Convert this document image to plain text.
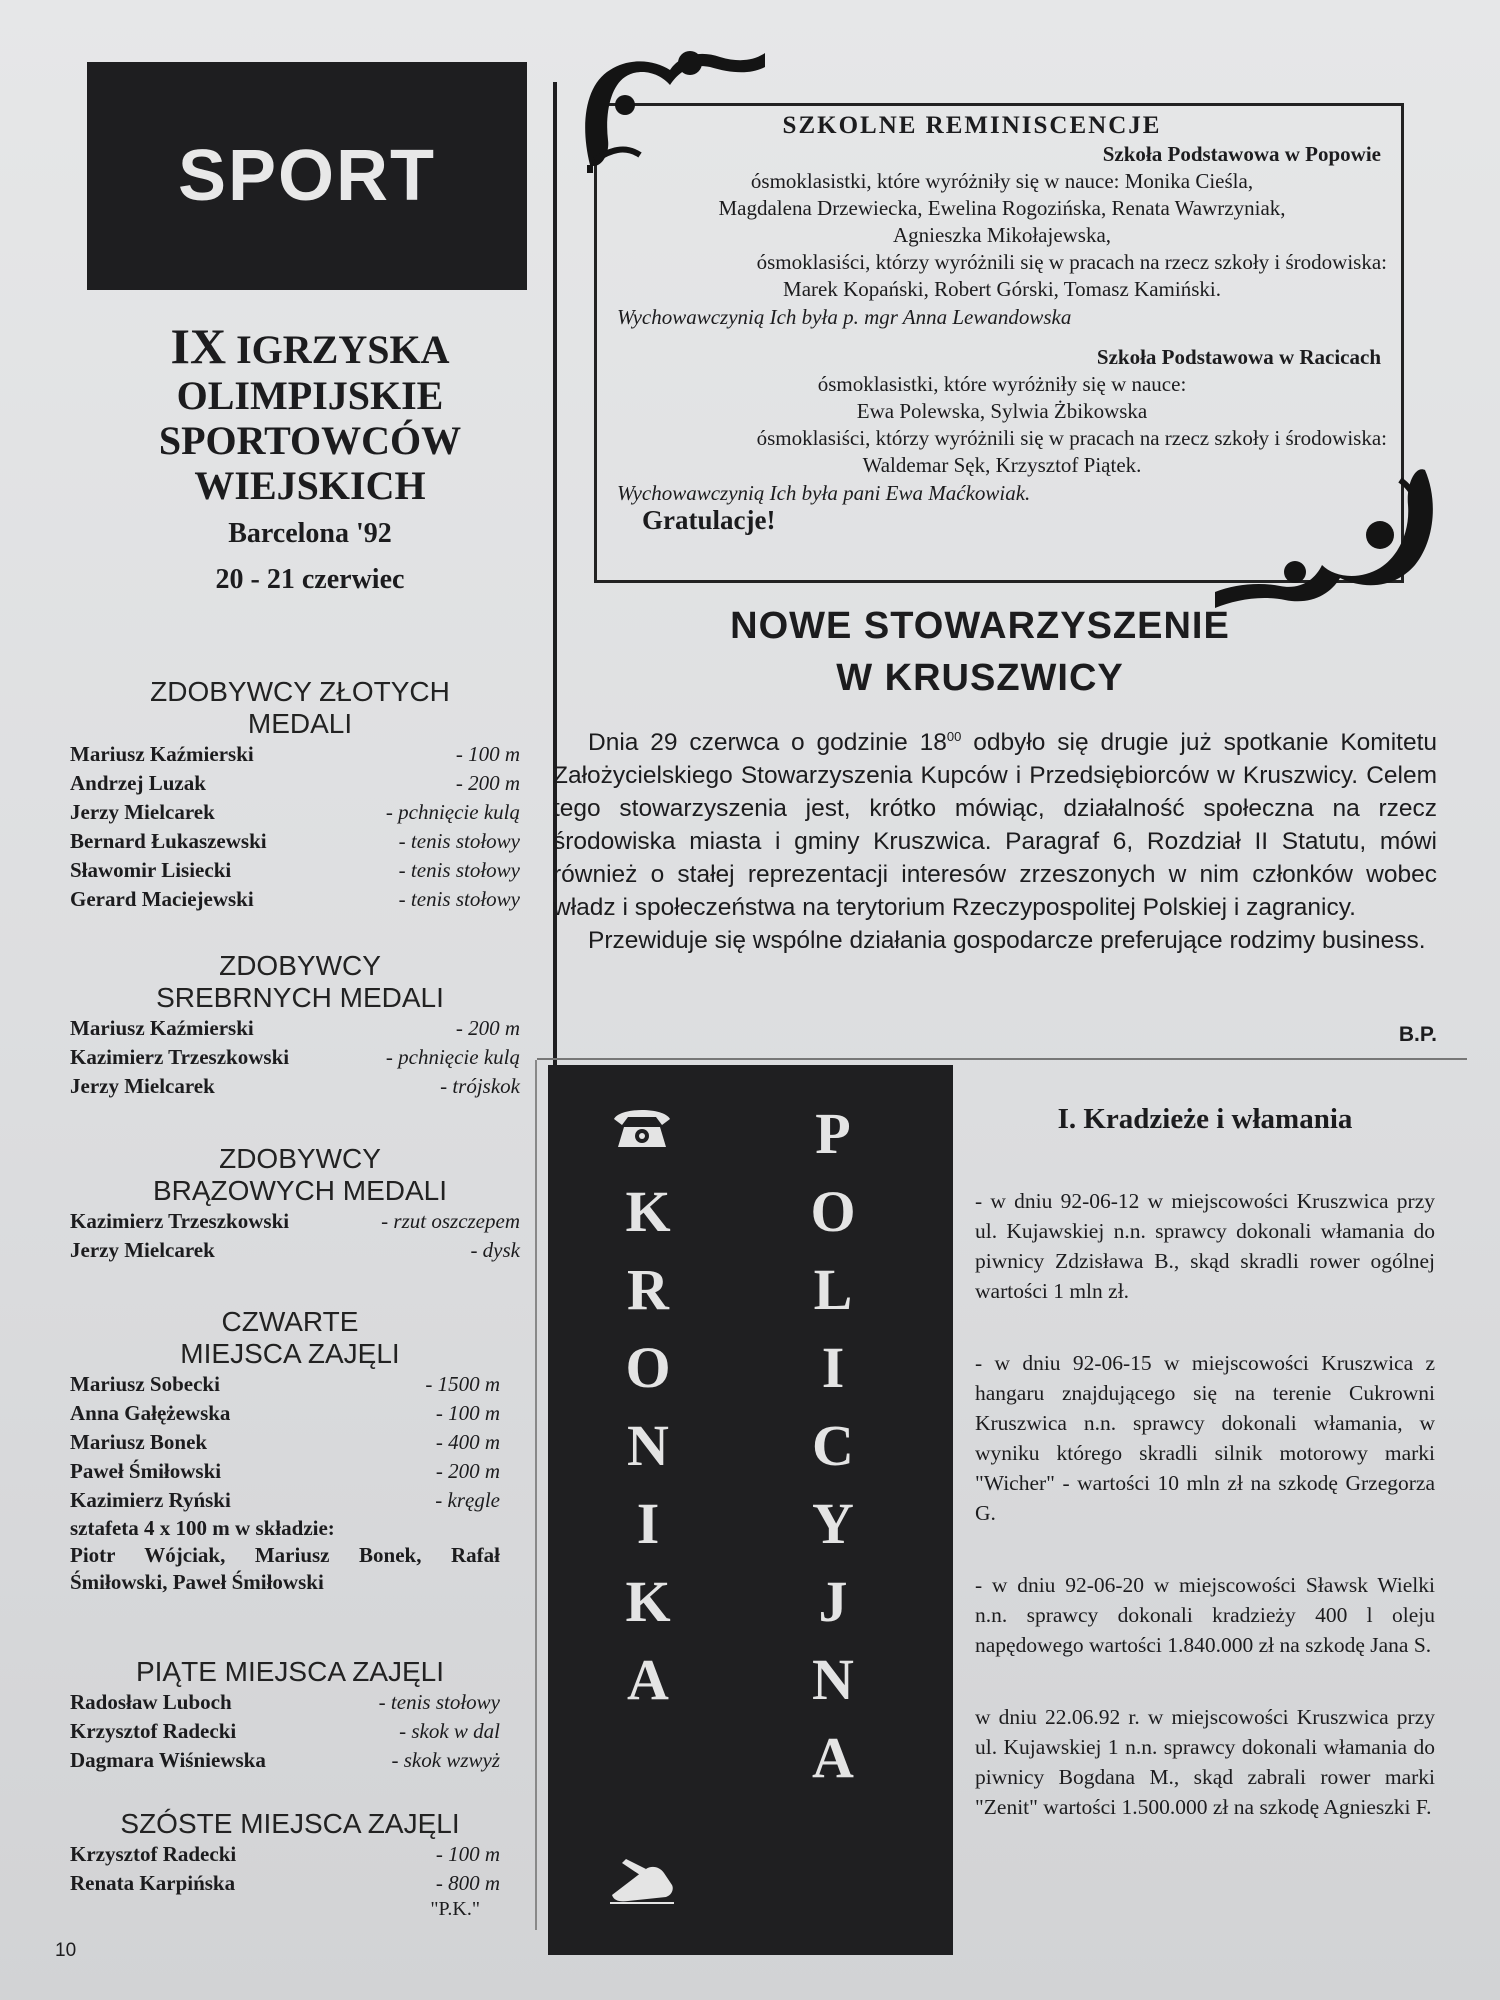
SPORT
IX IGRZYSKA
OLIMPIJSKIE
SPORTOWCÓW
WIEJSKICH
Barcelona '92
20 - 21 czerwiec
ZDOBYWCY ZŁOTYCH
MEDALI
Mariusz Kaźmierski	- 100 m
Andrzej Luzak	- 200 m
Jerzy Mielcarek	- pchnięcie kulą
Bernard Łukaszewski	- tenis stołowy
Sławomir Lisiecki	- tenis stołowy
Gerard Maciejewski	- tenis stołowy
ZDOBYWCY
SREBRNYCH MEDALI
Mariusz Kaźmierski	- 200 m
Kazimierz Trzeszkowski	- pchnięcie kulą
Jerzy Mielcarek	- trójskok
ZDOBYWCY
BRĄZOWYCH MEDALI
Kazimierz Trzeszkowski	- rzut oszczepem
Jerzy Mielcarek	- dysk
CZWARTE
MIEJSCA ZAJĘLI
Mariusz Sobecki	- 1500 m
Anna Gałężewska	- 100 m
Mariusz Bonek	- 400 m
Paweł Śmiłowski	- 200 m
Kazimierz Ryński	- kręgle
sztafeta 4 x 100 m w składzie:
Piotr Wójciak, Mariusz Bonek, Rafał Śmiłowski, Paweł Śmiłowski
PIĄTE MIEJSCA ZAJĘLI
Radosław Luboch	- tenis stołowy
Krzysztof Radecki	- skok w dal
Dagmara Wiśniewska	- skok wzwyż
SZÓSTE MIEJSCA ZAJĘLI
Krzysztof Radecki	- 100 m
Renata Karpińska	- 800 m
"P.K."
10
SZKOLNE REMINISCENCJE
Szkoła Podstawowa w Popowie
ósmoklasistki, które wyróżniły się w nauce: Monika Cieśla,
Magdalena Drzewiecka, Ewelina Rogozińska, Renata Wawrzyniak,
Agnieszka Mikołajewska,
ósmoklasiści, którzy wyróżnili się w pracach na rzecz szkoły i środowiska:
Marek Kopański, Robert Górski, Tomasz Kamiński.
Wychowawczynią Ich była p. mgr Anna Lewandowska
Szkoła Podstawowa w Racicach
ósmoklasistki, które wyróżniły się w nauce:
Ewa Polewska, Sylwia Żbikowska
ósmoklasiści, którzy wyróżnili się w pracach na rzecz szkoły i środowiska:
Waldemar Sęk, Krzysztof Piątek.
Wychowawczynią Ich była pani Ewa Maćkowiak.
Gratulacje!
NOWE STOWARZYSZENIE
W KRUSZWICY

Dnia 29 czerwca o godzinie $18^{00}$ odbyło się drugie już spotkanie Komitetu Założycielskiego Stowarzyszenia Kupców i Przedsiębiorców w Kruszwicy. Celem tego stowarzyszenia jest, krótko mówiąc, działalność społeczna na rzecz środowiska miasta i gminy Kruszwica. Paragraf 6, Rozdział II Statutu, mówi również o stałej reprezentacji interesów zrzeszonych w nim członków wobec władz i społeczeństwa na terytorium Rzeczypospolitej Polskiej i zagranicy.

Przewiduje się wspólne działania gospodarcze preferujące rodzimy business.

B.P.
K
R
O
N
I
K
A
P
O
L
I
C
Y
J
N
A
I. Kradzieże i włamania

- w dniu 92-06-12 w miejscowości Kruszwica przy ul. Kujawskiej n.n. sprawcy dokonali włamania do piwnicy Zdzisława B., skąd skradli rower ogólnej wartości 1 mln zł.

- w dniu 92-06-15 w miejscowości Kruszwica z hangaru znajdującego się na terenie Cukrowni Kruszwica n.n. sprawcy dokonali włamania, w wyniku którego skradli silnik motorowy marki "Wicher" - wartości 10 mln zł na szkodę Grzegorza G.

- w dniu 92-06-20 w miejscowości Sławsk Wielki n.n. sprawcy dokonali kradzieży 400 l oleju napędowego wartości 1.840.000 zł na szkodę Jana S.

w dniu 22.06.92 r. w miejscowości Kruszwica przy ul. Kujawskiej 1 n.n. sprawcy dokonali włamania do piwnicy Bogdana M., skąd zabrali rower marki "Zenit" wartości 1.500.000 zł na szkodę Agnieszki F.
